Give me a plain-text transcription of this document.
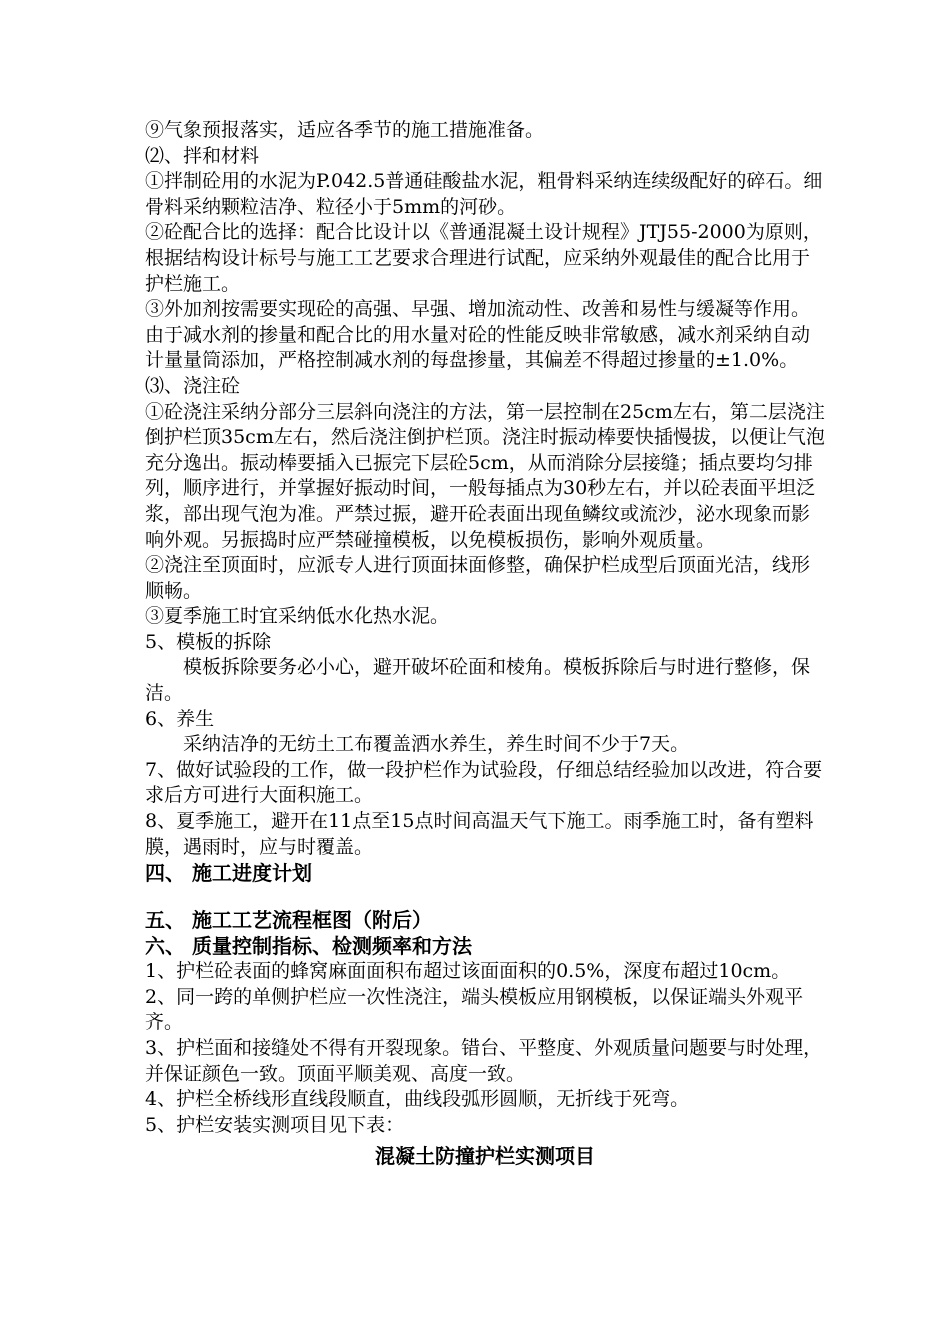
⑨气象预报落实，适应各季节的施工措施准备。

⑵、拌和材料

①拌制砼用的水泥为P.042.5普通硅酸盐水泥，粗骨料采纳连续级配好的碎石。细骨料采纳颗粒洁净、粒径小于5mm的河砂。

②砼配合比的选择：配合比设计以《普通混凝土设计规程》JTJ55-2000为原则，根据结构设计标号与施工工艺要求合理进行试配，应采纳外观最佳的配合比用于护栏施工。

③外加剂按需要实现砼的高强、早强、增加流动性、改善和易性与缓凝等作用。由于减水剂的掺量和配合比的用水量对砼的性能反映非常敏感，减水剂采纳自动计量量筒添加，严格控制减水剂的每盘掺量，其偏差不得超过掺量的±1.0%。

⑶、浇注砼

①砼浇注采纳分部分三层斜向浇注的方法，第一层控制在25cm左右，第二层浇注倒护栏顶35cm左右，然后浇注倒护栏顶。浇注时振动棒要快插慢拔，以便让气泡充分逸出。振动棒要插入已振完下层砼5cm，从而消除分层接缝；插点要均匀排列，顺序进行，并掌握好振动时间，一般每插点为30秒左右，并以砼表面平坦泛浆，部出现气泡为准。严禁过振，避开砼表面出现鱼鳞纹或流沙，泌水现象而影响外观。另振捣时应严禁碰撞模板，以免模板损伤，影响外观质量。

②浇注至顶面时，应派专人进行顶面抹面修整，确保护栏成型后顶面光洁，线形顺畅。

③夏季施工时宜采纳低水化热水泥。

5、模板的拆除

模板拆除要务必小心，避开破坏砼面和棱角。模板拆除后与时进行整修，保洁。

6、养生

采纳洁净的无纺土工布覆盖洒水养生，养生时间不少于7天。

7、做好试验段的工作，做一段护栏作为试验段，仔细总结经验加以改进，符合要求后方可进行大面积施工。

8、夏季施工，避开在11点至15点时间高温天气下施工。雨季施工时，备有塑料膜，遇雨时，应与时覆盖。

四、 施工进度计划

五、 施工工艺流程框图（附后）

六、 质量控制指标、检测频率和方法

1、护栏砼表面的蜂窝麻面面积布超过该面面积的0.5%，深度布超过10cm。

2、同一跨的单侧护栏应一次性浇注，端头模板应用钢模板，以保证端头外观平齐。

3、护栏面和接缝处不得有开裂现象。错台、平整度、外观质量问题要与时处理，并保证颜色一致。顶面平顺美观、高度一致。

4、护栏全桥线形直线段顺直，曲线段弧形圆顺，无折线于死弯。

5、护栏安装实测项目见下表：

混凝土防撞护栏实测项目
